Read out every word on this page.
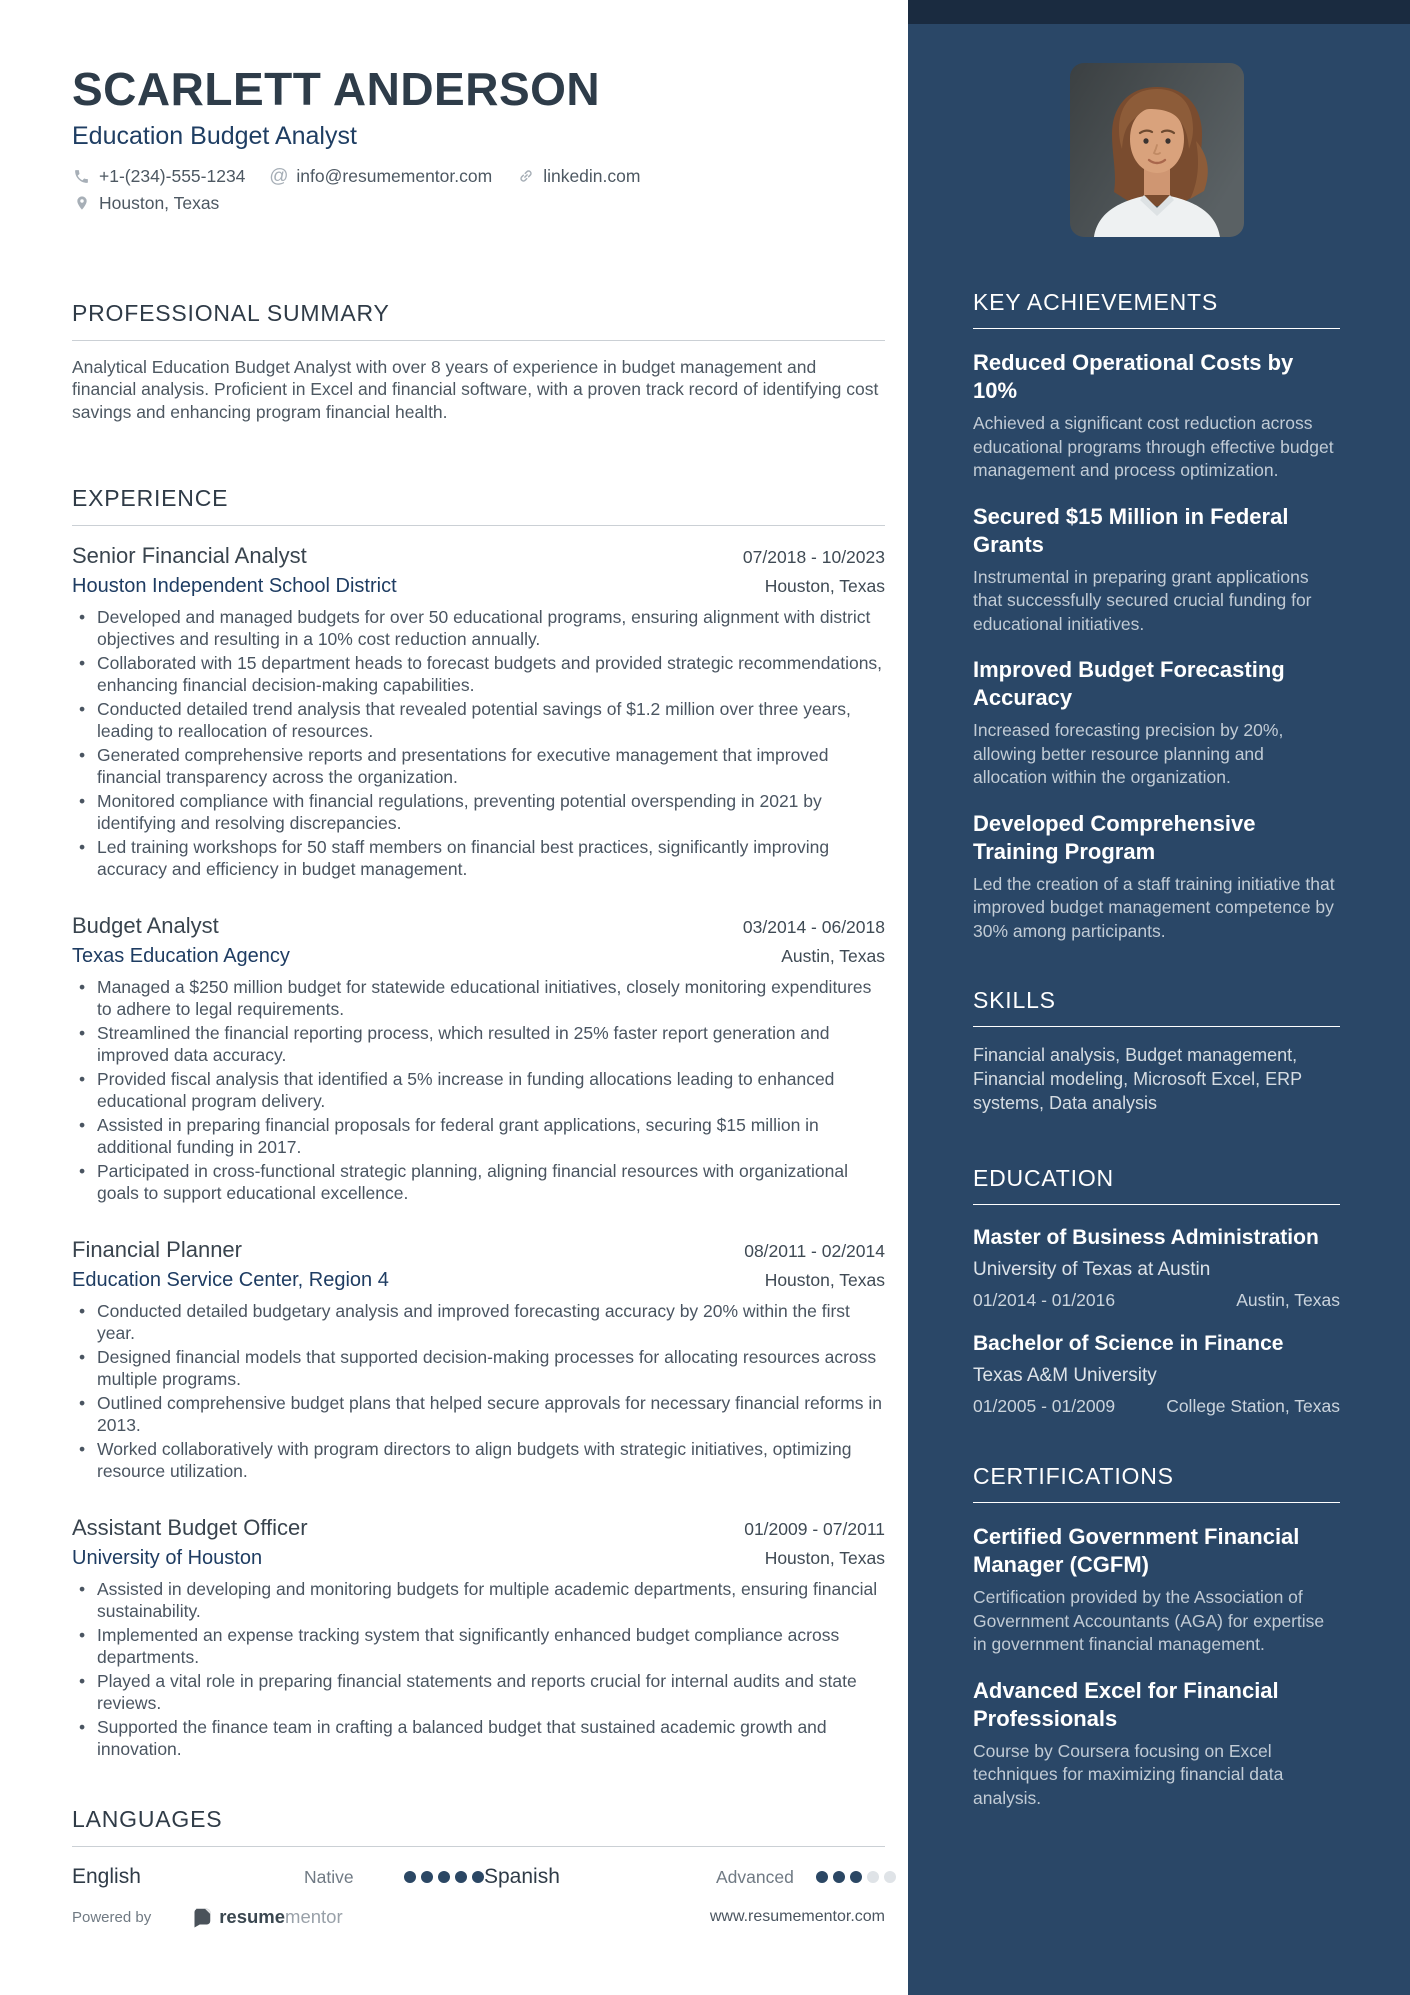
SCARLETT ANDERSON
Education Budget Analyst
+1-(234)-555-1234 @ info@resumementor.com	linkedin.com
Houston, Texas
PROFESSIONAL SUMMARY
Analytical Education Budget Analyst with over 8 years of experience in budget management and financial analysis. Proficient in Excel and financial software, with a proven track record of identifying cost savings and enhancing program financial health.
EXPERIENCE
Senior Financial Analyst	07/2018 - 10/2023
Houston Independent School District	Houston, Texas
• Developed and managed budgets for over 50 educational programs, ensuring alignment with district objectives and resulting in a 10% cost reduction annually.
• Collaborated with 15 department heads to forecast budgets and provided strategic recommendations, enhancing financial decision-making capabilities.
• Conducted detailed trend analysis that revealed potential savings of $1.2 million over three years, leading to reallocation of resources.
• Generated comprehensive reports and presentations for executive management that improved financial transparency across the organization.
• Monitored compliance with financial regulations, preventing potential overspending in 2021 by identifying and resolving discrepancies.
• Led training workshops for 50 staff members on financial best practices, significantly improving accuracy and efficiency in budget management.
Budget Analyst	03/2014 - 06/2018
Texas Education Agency	Austin, Texas
• Managed a $250 million budget for statewide educational initiatives, closely monitoring expenditures to adhere to legal requirements.
• Streamlined the financial reporting process, which resulted in 25% faster report generation and improved data accuracy.
• Provided fiscal analysis that identified a 5% increase in funding allocations leading to enhanced educational program delivery.
• Assisted in preparing financial proposals for federal grant applications, securing $15 million in additional funding in 2017.
• Participated in cross-functional strategic planning, aligning financial resources with organizational goals to support educational excellence.
Financial Planner	08/2011 - 02/2014
Education Service Center, Region 4	Houston, Texas
• Conducted detailed budgetary analysis and improved forecasting accuracy by 20% within the first year.
• Designed financial models that supported decision-making processes for allocating resources across multiple programs.
• Outlined comprehensive budget plans that helped secure approvals for necessary financial reforms in 2013.
• Worked collaboratively with program directors to align budgets with strategic initiatives, optimizing resource utilization.
Assistant Budget Officer	01/2009 - 07/2011
University of Houston	Houston, Texas
• Assisted in developing and monitoring budgets for multiple academic departments, ensuring financial sustainability.
• Implemented an expense tracking system that significantly enhanced budget compliance across departments.
• Played a vital role in preparing financial statements and reports crucial for internal audits and state reviews.
• Supported the finance team in crafting a balanced budget that sustained academic growth and innovation.
LANGUAGES
English	Native	Spanish	Advanced
KEY ACHIEVEMENTS
Reduced Operational Costs by 10%
Achieved a significant cost reduction across educational programs through effective budget management and process optimization.
Secured $15 Million in Federal Grants
Instrumental in preparing grant applications that successfully secured crucial funding for educational initiatives.
Improved Budget Forecasting Accuracy
Increased forecasting precision by 20%, allowing better resource planning and allocation within the organization.
Developed Comprehensive Training Program
Led the creation of a staff training initiative that improved budget management competence by 30% among participants.
SKILLS
Financial analysis, Budget management, Financial modeling, Microsoft Excel, ERP systems, Data analysis
EDUCATION
Master of Business Administration
University of Texas at Austin
01/2014 - 01/2016	Austin, Texas
Bachelor of Science in Finance
Texas A&M University
01/2005 - 01/2009	College Station, Texas
CERTIFICATIONS
Certified Government Financial Manager (CGFM)
Certification provided by the Association of Government Accountants (AGA) for expertise in government financial management.
Advanced Excel for Financial Professionals
Course by Coursera focusing on Excel techniques for maximizing financial data analysis.
Powered by	resumementor	www.resumementor.com
